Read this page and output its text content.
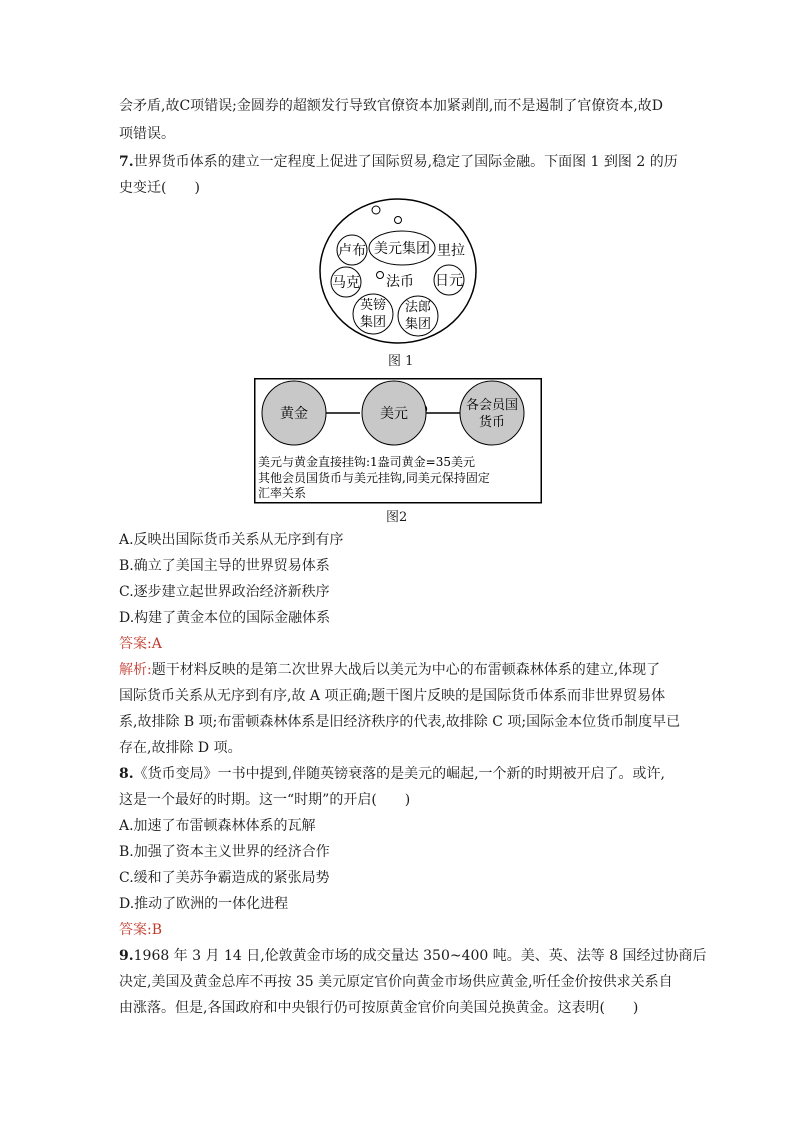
会矛盾,故C项错误;金圆券的超额发行导致官僚资本加紧剥削,而不是遏制了官僚资本,故D
项错误。
7.世界货币体系的建立一定程度上促进了国际贸易,稳定了国际金融。下面图 1 到图 2 的历
史变迁(　　)
卢布 美元集团 里拉
马克 法币 日元
英镑
集团
法郎
集团
图 1
黄金	美元
各会员国
货币
美元与黄金直接挂钩:1盎司黄金=35美元
其他会员国货币与美元挂钩,同美元保持固定
汇率关系
图2
A.反映出国际货币关系从无序到有序
B.确立了美国主导的世界贸易体系
C.逐步建立起世界政治经济新秩序
D.构建了黄金本位的国际金融体系
答案:A
解析:题干材料反映的是第二次世界大战后以美元为中心的布雷顿森林体系的建立,体现了
国际货币关系从无序到有序,故 A 项正确;题干图片反映的是国际货币体系而非世界贸易体
系,故排除 B 项;布雷顿森林体系是旧经济秩序的代表,故排除 C 项;国际金本位货币制度早已
存在,故排除 D 项。
8.《货币变局》一书中提到,伴随英镑衰落的是美元的崛起,一个新的时期被开启了。或许,
这是一个最好的时期。这一“时期”的开启(　　)
A.加速了布雷顿森林体系的瓦解
B.加强了资本主义世界的经济合作
C.缓和了美苏争霸造成的紧张局势
D.推动了欧洲的一体化进程
答案:B
9.1968 年 3 月 14 日,伦敦黄金市场的成交量达 350~400 吨。美、英、法等 8 国经过协商后
决定,美国及黄金总库不再按 35 美元原定官价向黄金市场供应黄金,听任金价按供求关系自
由涨落。但是,各国政府和中央银行仍可按原黄金官价向美国兑换黄金。这表明(　　)
